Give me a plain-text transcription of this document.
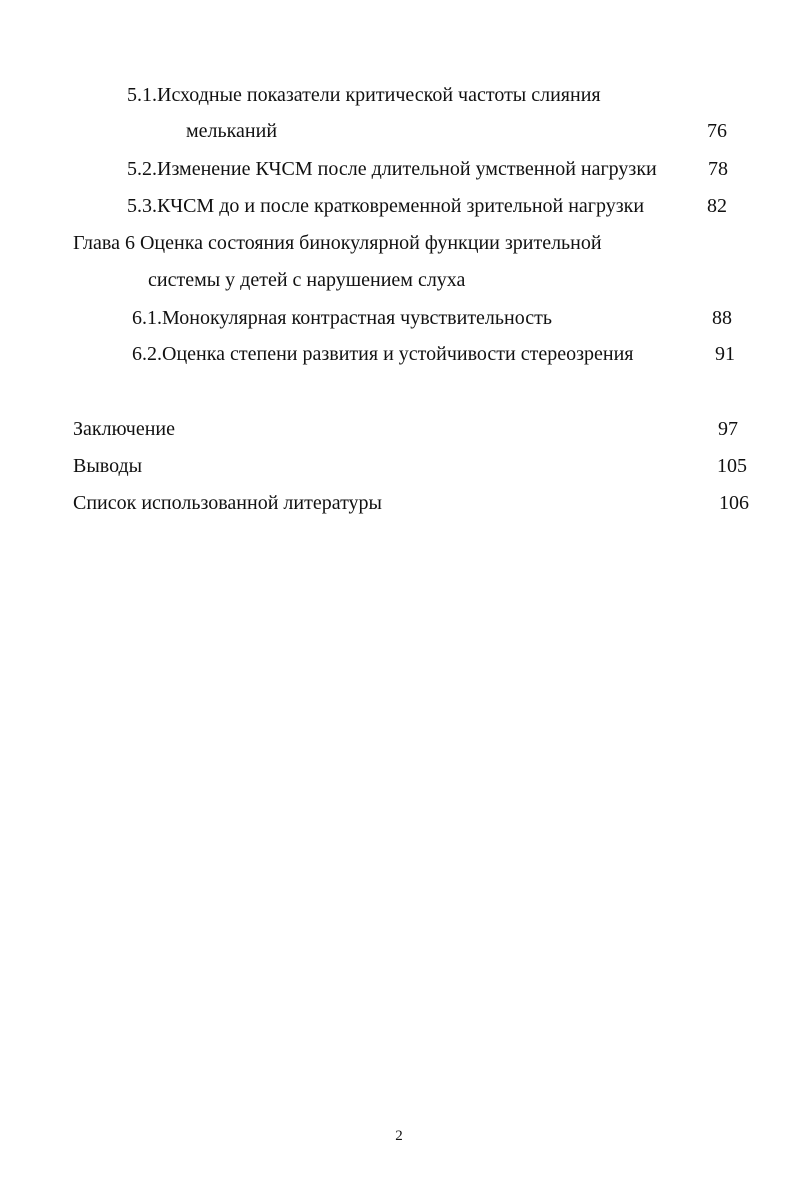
5.1.Исходные показатели критической частоты слияния
мельканий	76
5.2.Изменение КЧСМ после длительной умственной нагрузки	78
5.3.КЧСМ до и после кратковременной зрительной нагрузки	82
Глава 6 Оценка состояния бинокулярной функции зрительной
системы у детей с нарушением слуха
6.1.Монокулярная контрастная чувствительность	88
6.2.Оценка степени развития и устойчивости стереозрения	91
Заключение	97
Выводы	105
Список использованной литературы	106
2
